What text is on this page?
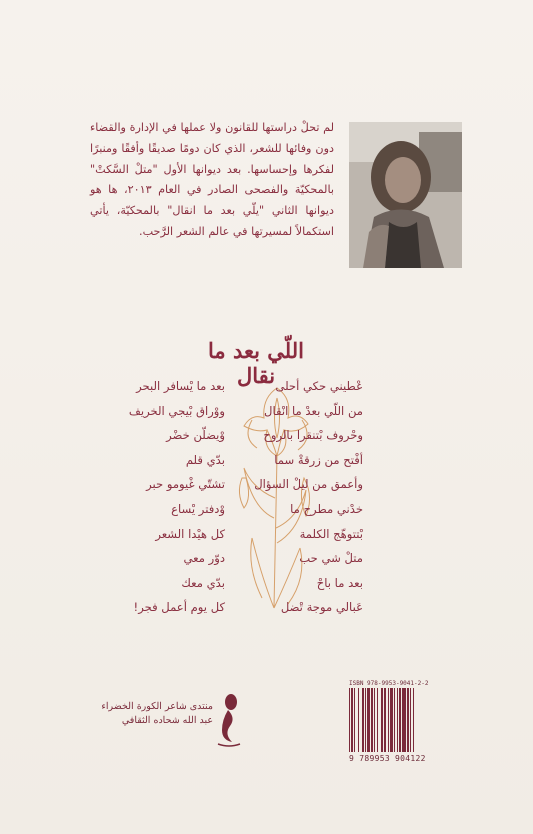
لم تحلْ دراستها للقانون ولا عملها في الإدارة والقضاء دون وفائها للشعر، الذي كان دومًا صديقًا وأفقًا ومنبرًا لفكرها وإحساسها. بعد ديوانها الأول "متلْ السَّكتْ" بالمحكيّة والفصحى الصادر في العام ٢٠١٣، ها هو ديوانها الثاني "يلّي بعد ما انقال" بالمحكيّة، يأتي استكمالاً لمسيرتها في عالم الشعر الرَّحب.

اللّي بعد ما نقال عْطيني حكي أحلى
من اللّي بعدْ ما انْقال
وحْروف بْتنقرا بالروح
أفْتح من زرقةْ سما
وأعمق من ليلْ السؤال
خدْني مطرح ما
بْتتوهّج الكلمة
متلْ شي حب
بعد ما باحْ
عَبالي موجة تْضل
بعد ما يْسافر البحر
ووْراق بْيجي الخريف
وْيضلّن خضْر
بدّي قلم
تشتّي غْيومو حبر
وْدفتر يْساع
كل هيْدا الشعر
دوّر معي
بدّي معك
كل يوم أعمل فجر!
منتدى شاعر الكورة الخضراء
عبد الله شحاده الثقافي
ISBN 978-9953-9041-2-2
9 789953 904122
